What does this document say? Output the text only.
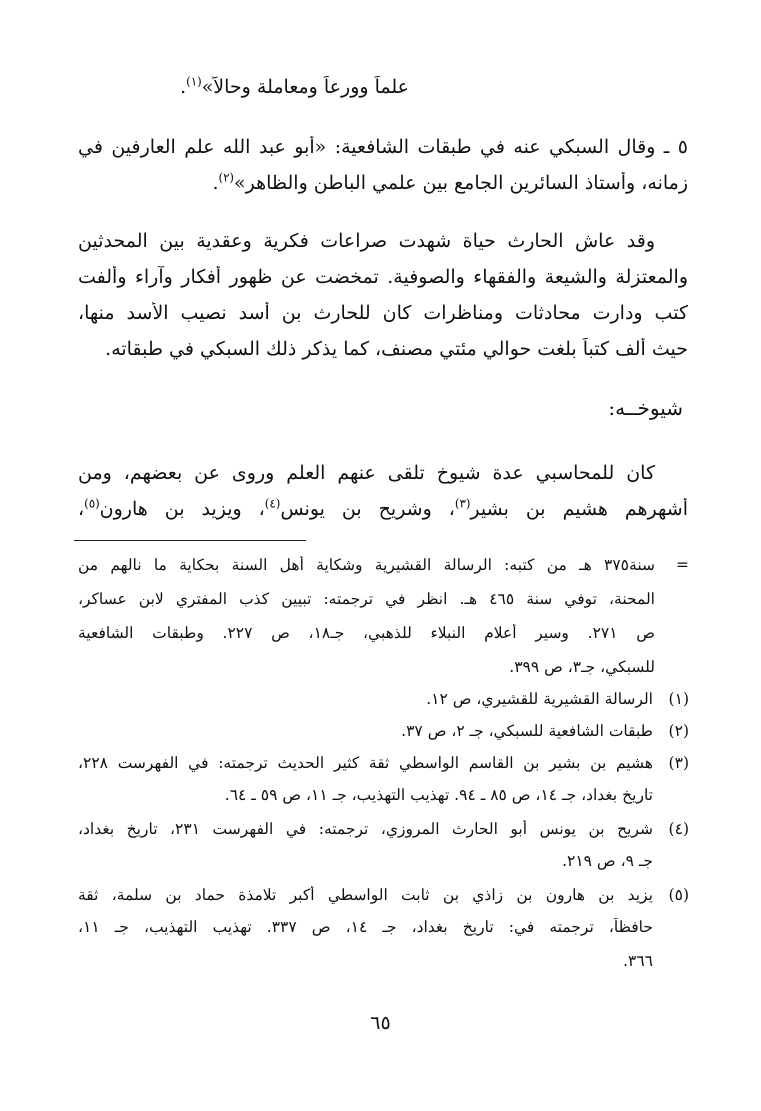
علماً وورعاً ومعاملة وحالاً»$^{(١)}$.
٥ ـ وقال السبكي عنه في طبقات الشافعية: «أبو عبد الله علم العارفين في
زمانه، وأستاذ السائرين الجامع بين علمي الباطن والظاهر»$^{(٢)}$.
وقد عاش الحارث حياة شهدت صراعات فكرية وعقدية بين المحدثين
والمعتزلة والشيعة والفقهاء والصوفية. تمخضت عن ظهور أفكار وآراء وألفت
كتب ودارت محادثات ومناظرات كان للحارث بن أسد نصيب الأسد منها،
حيث ألف كتباً بلغت حوالي مئتي مصنف، كما يذكر ذلك السبكي في طبقاته.
شيوخــه:
كان للمحاسبي عدة شيوخ تلقى عنهم العلم وروى عن بعضهم، ومن
أشهرهم هشيم بن بشير$^{(٣)}$، وشريح بن يونس$^{(٤)}$، ويزيد بن هارون$^{(٥)}$،
=
سنة٣٧٥ هـ من كتبه: الرسالة القشيرية وشكاية أهل السنة بحكاية ما نالهم من
المحنة، توفي سنة ٤٦٥ هـ. انظر في ترجمته: تبيين كذب المفتري لابن عساكر،
ص ٢٧١. وسير أعلام النبلاء للذهبي، جـ١٨، ص ٢٢٧. وطبقات الشافعية
للسبكي، جـ٣، ص ٣٩٩.
(١)
الرسالة القشيرية للقشيري، ص ١٢.
(٢)
طبقات الشافعية للسبكي، جـ ٢، ص ٣٧.
(٣)
هشيم بن بشير بن القاسم الواسطي ثقة كثير الحديث ترجمته: في الفهرست ٢٢٨،
تاريخ بغداد، جـ ١٤، ص ٨٥ ـ ٩٤. تهذيب التهذيب، جـ ١١، ص ٥٩ ـ ٦٤.
(٤)
شريح بن يونس أبو الحارث المروزي، ترجمته: في الفهرست ٢٣١، تاريخ بغداد،
جـ ٩، ص ٢١٩.
(٥)
يزيد بن هارون بن زاذي بن ثابت الواسطي أكبر تلامذة حماد بن سلمة، ثقة
حافظاً، ترجمته في: تاريخ بغداد، جـ ١٤، ص ٣٣٧. تهذيب التهذيب، جـ ١١،
٣٦٦.
٦٥
